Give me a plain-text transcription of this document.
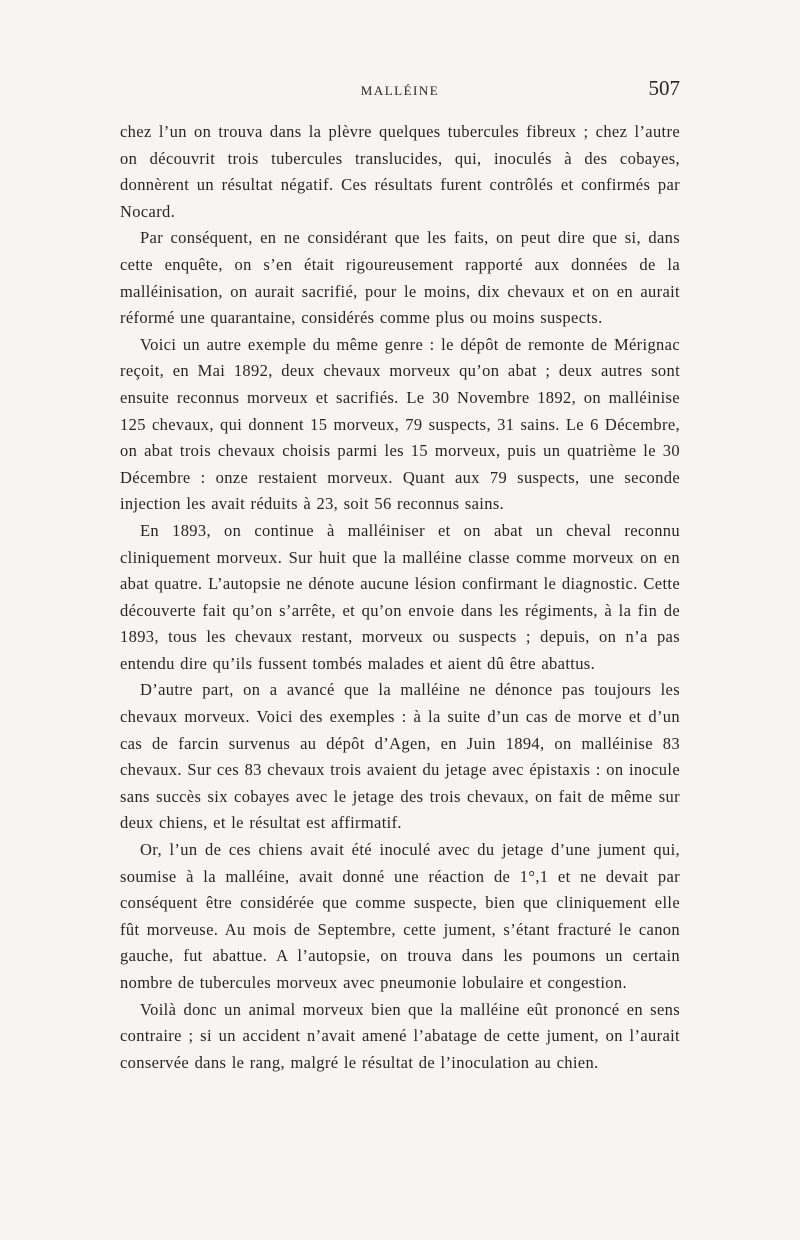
MALLÉINE	507

chez l’un on trouva dans la plèvre quelques tubercules fibreux ; chez l’autre on découvrit trois tubercules translucides, qui, inoculés à des cobayes, donnèrent un résultat négatif. Ces résultats furent contrôlés et confirmés par Nocard.

Par conséquent, en ne considérant que les faits, on peut dire que si, dans cette enquête, on s’en était rigoureusement rapporté aux données de la malléinisation, on aurait sacrifié, pour le moins, dix chevaux et on en aurait réformé une quarantaine, considérés comme plus ou moins suspects.

Voici un autre exemple du même genre : le dépôt de remonte de Mérignac reçoit, en Mai 1892, deux chevaux morveux qu’on abat ; deux autres sont ensuite reconnus morveux et sacrifiés. Le 30 Novembre 1892, on malléinise 125 chevaux, qui donnent 15 morveux, 79 suspects, 31 sains. Le 6 Décembre, on abat trois chevaux choisis parmi les 15 morveux, puis un quatrième le 30 Décembre : onze restaient morveux. Quant aux 79 suspects, une seconde injection les avait réduits à 23, soit 56 reconnus sains.

En 1893, on continue à malléiniser et on abat un cheval reconnu cliniquement morveux. Sur huit que la malléine classe comme morveux on en abat quatre. L’autopsie ne dénote aucune lésion confirmant le diagnostic. Cette découverte fait qu’on s’arrête, et qu’on envoie dans les régiments, à la fin de 1893, tous les chevaux restant, morveux ou suspects ; depuis, on n’a pas entendu dire qu’ils fussent tombés malades et aient dû être abattus.

D’autre part, on a avancé que la malléine ne dénonce pas toujours les chevaux morveux. Voici des exemples : à la suite d’un cas de morve et d’un cas de farcin survenus au dépôt d’Agen, en Juin 1894, on malléinise 83 chevaux. Sur ces 83 chevaux trois avaient du jetage avec épistaxis : on inocule sans succès six cobayes avec le jetage des trois chevaux, on fait de même sur deux chiens, et le résultat est affirmatif.

Or, l’un de ces chiens avait été inoculé avec du jetage d’une jument qui, soumise à la malléine, avait donné une réaction de 1°,1 et ne devait par conséquent être considérée que comme suspecte, bien que cliniquement elle fût morveuse. Au mois de Septembre, cette jument, s’étant fracturé le canon gauche, fut abattue. A l’autopsie, on trouva dans les poumons un certain nombre de tubercules morveux avec pneumonie lobulaire et congestion.

Voilà donc un animal morveux bien que la malléine eût prononcé en sens contraire ; si un accident n’avait amené l’abatage de cette jument, on l’aurait conservée dans le rang, malgré le résultat de l’inoculation au chien.
